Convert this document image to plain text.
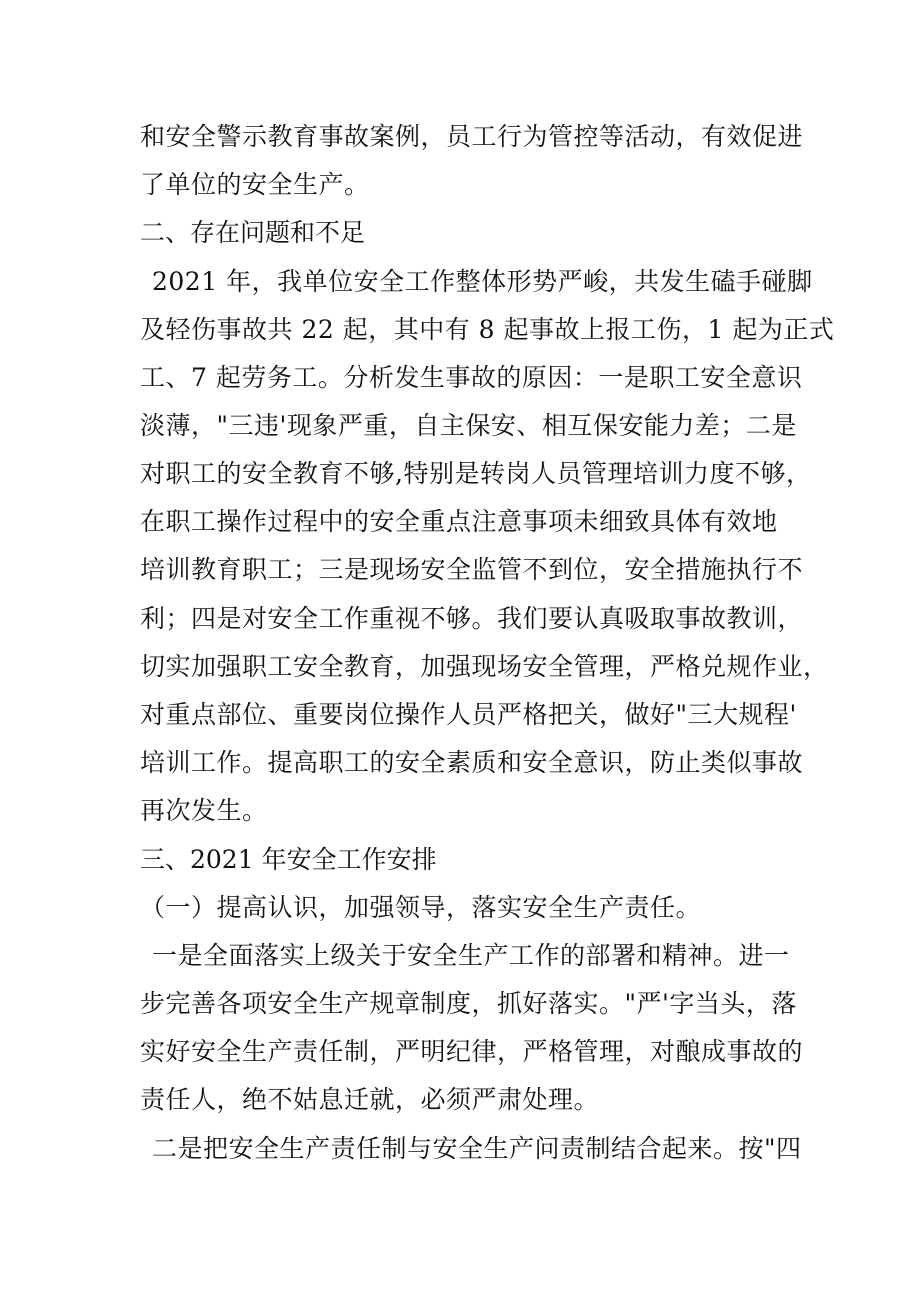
和安全警示教育事故案例，员工行为管控等活动，有效促进
了单位的安全生产。
二、存在问题和不足
2021 年，我单位安全工作整体形势严峻，共发生磕手碰脚
及轻伤事故共 22 起，其中有 8 起事故上报工伤，1 起为正式
工、7 起劳务工。分析发生事故的原因：一是职工安全意识
淡薄，"三违'现象严重，自主保安、相互保安能力差；二是
对职工的安全教育不够,特别是转岗人员管理培训力度不够，
在职工操作过程中的安全重点注意事项未细致具体有效地
培训教育职工；三是现场安全监管不到位，安全措施执行不
利；四是对安全工作重视不够。我们要认真吸取事故教训，
切实加强职工安全教育，加强现场安全管理，严格兑规作业，
对重点部位、重要岗位操作人员严格把关，做好"三大规程'
培训工作。提高职工的安全素质和安全意识，防止类似事故
再次发生。
三、2021 年安全工作安排
（一）提高认识，加强领导，落实安全生产责任。
一是全面落实上级关于安全生产工作的部署和精神。进一
步完善各项安全生产规章制度，抓好落实。"严'字当头，落
实好安全生产责任制，严明纪律，严格管理，对酿成事故的
责任人，绝不姑息迁就，必须严肃处理。
二是把安全生产责任制与安全生产问责制结合起来。按"四
